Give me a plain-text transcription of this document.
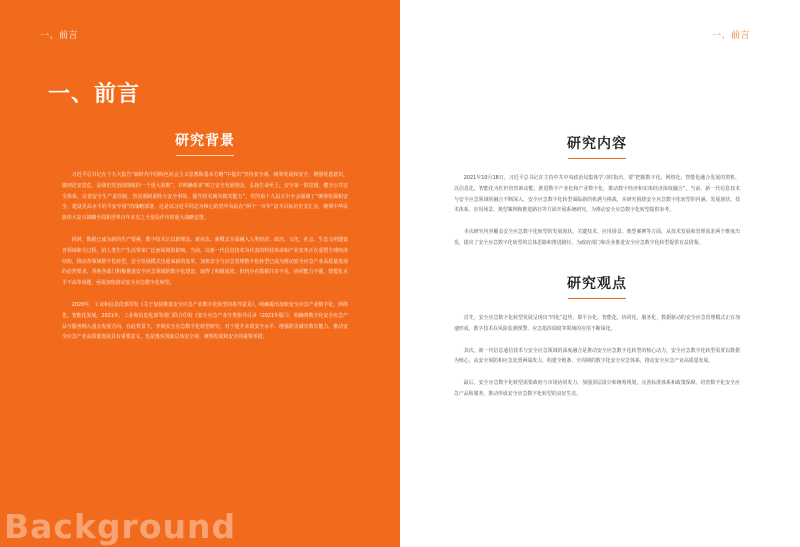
一、前言
一、前言
研究背景

习近平总书记在十九大报告“新时代中国特色社会主义思想和基本方略”中提出“坚持安全观、统筹发展和安全，增强忧患意识，做到居安思危，是我们党治国理政的一个重大原则”。并明确要求“树立安全发展理念，弘扬生命至上、安全第一的思想，健全公共安全体系，完善安全生产责任制，坚决遏制重特大安全事故，提升防灾减灾救灾能力”。党的第十九届五中全会强调了“统筹发展和安全，建设更高水平的平安中国”的战略部署，这是以习近平同志为核心的党中央站在“两个一百年”奋斗目标历史交汇点，统筹中华民族伟大复兴战略全局和世界百年未有之大变局作出的重大战略安排。

同时，数据已成为新的生产要素，数字技术正以新理念、新业态、新模式全面融入人类经济、政治、文化、社会、生态文明建设各领域和全过程，给人类生产生活带来广泛而深刻的影响。当前，以新一代信息技术为代表的科技革命和产业变革正在重塑全球经济结构，推动各领域数字化转型，安全发展模式也迎来新的变革，加快安全与应急管理数字化转型已成为推动安全应急产业高质量发展的必然要求，各地各部门积极推进安全应急领域的数字化建设，取得了积极成效，但仍存在数据共享不足、协同能力不强、智能化水平不高等问题，亟需加快推动安全应急数字化转型。

2020年，工业和信息化部印发《关于加快推进安全应急产业数字化转型的指导意见》，明确提出加快安全应急产业数字化、网络化、智能化发展。2021年，工业和信息化部等部门联合印发《安全应急产业分类指导目录（2021年版）》，明确将数字化安全应急产品与服务纳入重点发展方向。在此背景下，开展安全应急数字化转型研究，对于提升本质安全水平、增强防灾减灾救灾能力、推动安全应急产业高质量发展具有重要意义，也是落实国家总体安全观、统筹发展和安全的重要举措。

Background
一、前言
研究内容

2021年10月18日，习近平总书记在主持中共中央政治局集体学习时指出，要“把握数字化、网络化、智能化融合发展的契机，以信息化、智能化为杠杆培育新动能，推进数字产业化和产业数字化，推动数字经济和实体经济深度融合”。当前，新一代信息技术与安全应急领域的融合不断深入，安全应急数字化转型面临新的机遇与挑战，本研究围绕安全应急数字化转型的内涵、发展现状、技术体系、应用场景、典型案例和推进路径等方面开展系统研究，为推动安全应急数字化转型提供参考。

本次研究内容覆盖安全应急数字化转型的发展现状、关键技术、应用场景、典型案例等方面，从技术发展和管理需求两个维度出发，提出了安全应急数字化转型的总体思路和推进路径，为政府部门和企业推进安全应急数字化转型提供有益借鉴。

研究观点

首先，安全应急数字化转型发展呈现出“四化”趋势，即平台化、智能化、协同化、服务化，数据驱动的安全应急管理模式正在加速形成，数字技术在风险监测预警、应急指挥调度等领域的应用不断深化。

其次，新一代信息通信技术与安全应急领域的深度融合是推动安全应急数字化转型的核心动力，安全应急数字化转型需要以数据为核心，从安全预防和应急处置两端发力，构建全链条、全周期的数字化安全应急体系，推动安全应急产业高质量发展。

最后，安全应急数字化转型需要政府与市场协同发力，加强顶层设计和统筹规划，完善标准体系和政策保障，培育数字化安全应急产品和服务，推动形成安全应急数字化转型的良好生态。
